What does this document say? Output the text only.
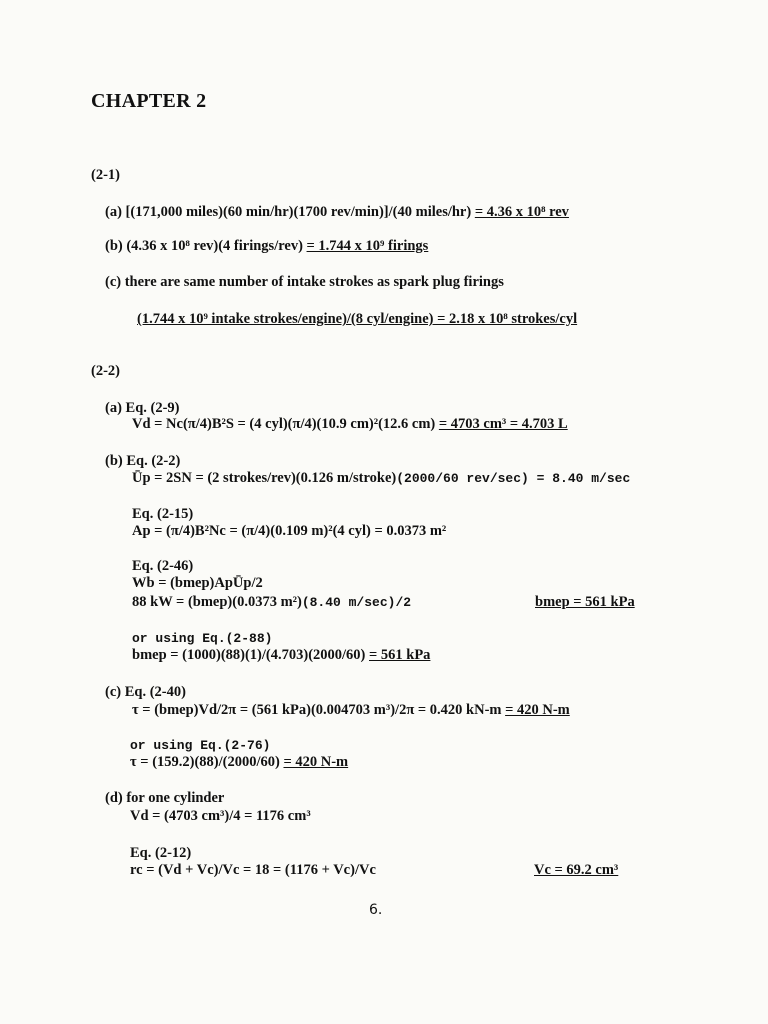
CHAPTER 2
(2-1)
(a) [(171,000 miles)(60 min/hr)(1700 rev/min)]/(40 miles/hr) = 4.36 x 10⁸ rev
(b) (4.36 x 10⁸ rev)(4 firings/rev) = 1.744 x 10⁹ firings
(c) there are same number of intake strokes as spark plug firings
(1.744 x 10⁹ intake strokes/engine)/(8 cyl/engine) = 2.18 x 10⁸ strokes/cyl
(2-2)
(a) Eq. (2-9)
Vd = Nc(π/4)B²S = (4 cyl)(π/4)(10.9 cm)²(12.6 cm) = 4703 cm³ = 4.703 L
(b) Eq. (2-2)
Ūp = 2SN = (2 strokes/rev)(0.126 m/stroke)(2000/60 rev/sec) = 8.40 m/sec
Eq. (2-15)
Ap = (π/4)B²Nc = (π/4)(0.109 m)²(4 cyl) = 0.0373 m²
Eq. (2-46)
Wb = (bmep)ApŪp/2
88 kW = (bmep)(0.0373 m²)(8.40 m/sec)/2	bmep = 561 kPa
or using Eq.(2-88)
bmep = (1000)(88)(1)/(4.703)(2000/60) = 561 kPa
(c) Eq. (2-40)
τ = (bmep)Vd/2π = (561 kPa)(0.004703 m³)/2π = 0.420 kN-m = 420 N-m
or using Eq.(2-76)
τ = (159.2)(88)/(2000/60) = 420 N-m
(d) for one cylinder
Vd = (4703 cm³)/4 = 1176 cm³
Eq. (2-12)
rc = (Vd + Vc)/Vc = 18 = (1176 + Vc)/Vc	Vc = 69.2 cm³
6.
